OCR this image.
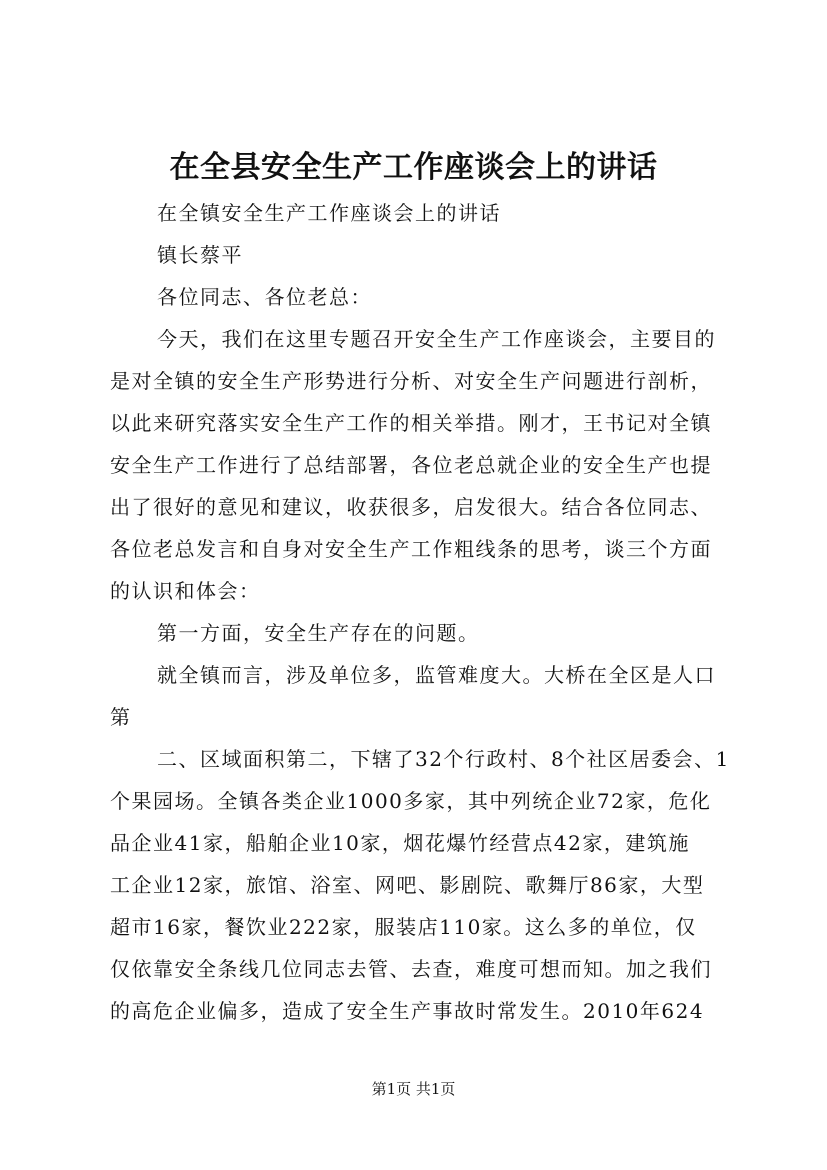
在全县安全生产工作座谈会上的讲话
在全镇安全生产工作座谈会上的讲话
镇长蔡平
各位同志、各位老总：
今天，我们在这里专题召开安全生产工作座谈会，主要目的
是对全镇的安全生产形势进行分析、对安全生产问题进行剖析，
以此来研究落实安全生产工作的相关举措。刚才，王书记对全镇
安全生产工作进行了总结部署，各位老总就企业的安全生产也提
出了很好的意见和建议，收获很多，启发很大。结合各位同志、
各位老总发言和自身对安全生产工作粗线条的思考，谈三个方面
的认识和体会：
第一方面，安全生产存在的问题。
就全镇而言，涉及单位多，监管难度大。大桥在全区是人口
第
二、区域面积第二，下辖了32个行政村、8个社区居委会、1
个果园场。全镇各类企业1000多家，其中列统企业72家，危化
品企业41家，船舶企业10家，烟花爆竹经营点42家，建筑施
工企业12家，旅馆、浴室、网吧、影剧院、歌舞厅86家，大型
超市16家，餐饮业222家，服装店110家。这么多的单位，仅
仅依靠安全条线几位同志去管、去查，难度可想而知。加之我们
的高危企业偏多，造成了安全生产事故时常发生。2010年624
第1页 共1页
